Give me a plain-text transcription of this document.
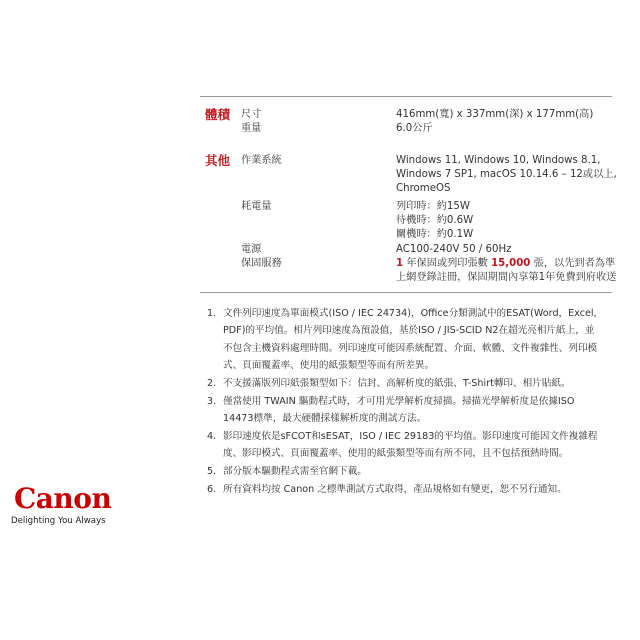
體積 尺寸	416mm(寬) x 337mm(深) x 177mm(高)
重量	6.0公斤
其他 作業系統	Windows 11, Windows 10, Windows 8.1,
Windows 7 SP1, macOS 10.14.6 – 12或以上,
ChromeOS
耗電量	列印時：約15W
待機時：約0.6W
關機時：約0.1W
電源	AC100-240V 50 / 60Hz
保固服務	1 年保固或列印張數 15,000 張，以先到者為準
上網登錄註冊，保固期間內享第1年免費到府收送
1. 文件列印速度為單面模式(ISO / IEC 24734)，Office分類測試中的ESAT(Word，Excel，
PDF)的平均值。相片列印速度為預設值，基於ISO / JIS-SCID N2在超光亮相片紙上，並
不包含主機資料處理時間。列印速度可能因系統配置、介面、軟體、文件複雜性、列印模
式、頁面覆蓋率、使用的紙張類型等而有所差異。
2. 不支援滿版列印紙張類型如下：信封、高解析度的紙張、T-Shirt轉印、相片貼紙。
3. 僅當使用 TWAIN 驅動程式時，才可用光學解析度掃描。掃描光學解析度是依據ISO
14473標準，最大硬體採樣解析度的測試方法。
4. 影印速度依是sFCOT和sESAT，ISO / IEC 29183的平均值。影印速度可能因文件複雜程
度、影印模式、頁面覆蓋率、使用的紙張類型等而有所不同，且不包括預熱時間。
5. 部分版本驅動程式需至官網下載。
6. 所有資料均按 Canon 之標準測試方式取得，產品規格如有變更，恕不另行通知。
Canon
Delighting You Always
